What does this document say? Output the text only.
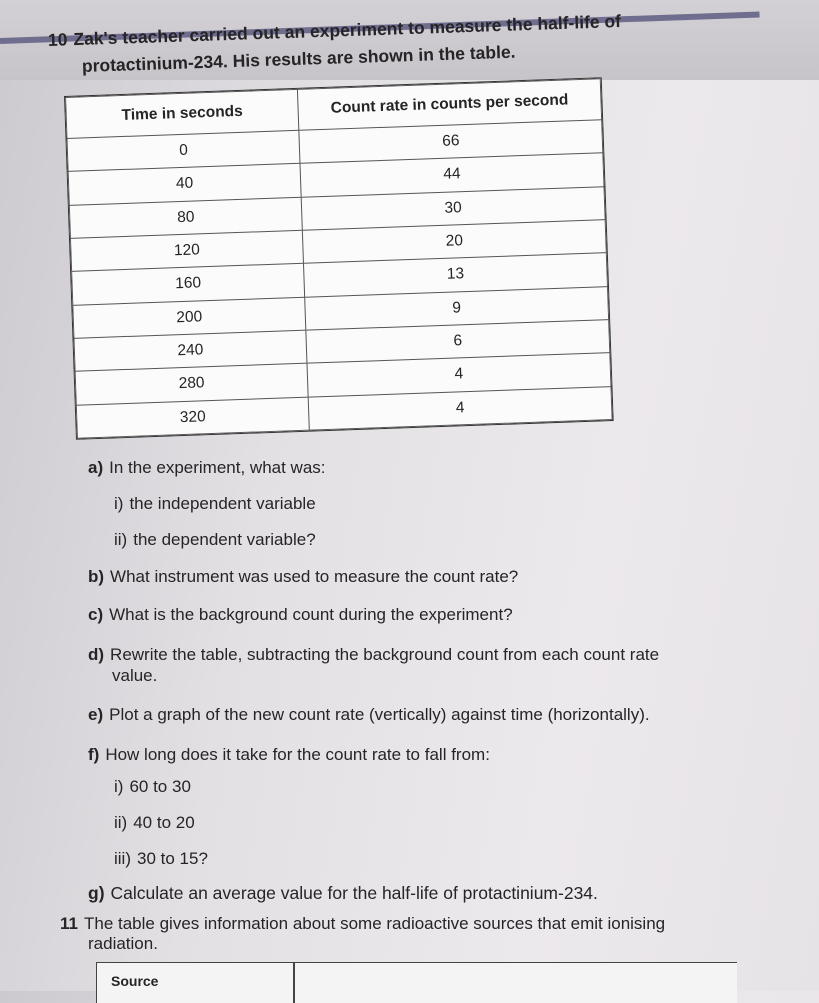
10 Zak's teacher carried out an experiment to measure the half-life of
protactinium-234. His results are shown in the table.
Time in seconds	Count rate in counts per second
0	66
40	44
80	30
120	20
160	13
200	9
240	6
280	4
320	4
a) In the experiment, what was:
i) the independent variable
ii) the dependent variable?
b) What instrument was used to measure the count rate?
c) What is the background count during the experiment?
d) Rewrite the table, subtracting the background count from each count rate
value.
e) Plot a graph of the new count rate (vertically) against time (horizontally).
f) How long does it take for the count rate to fall from:
i) 60 to 30
ii) 40 to 20
iii) 30 to 15?
g) Calculate an average value for the half-life of protactinium-234.
11 The table gives information about some radioactive sources that emit ionising
radiation.
Source
